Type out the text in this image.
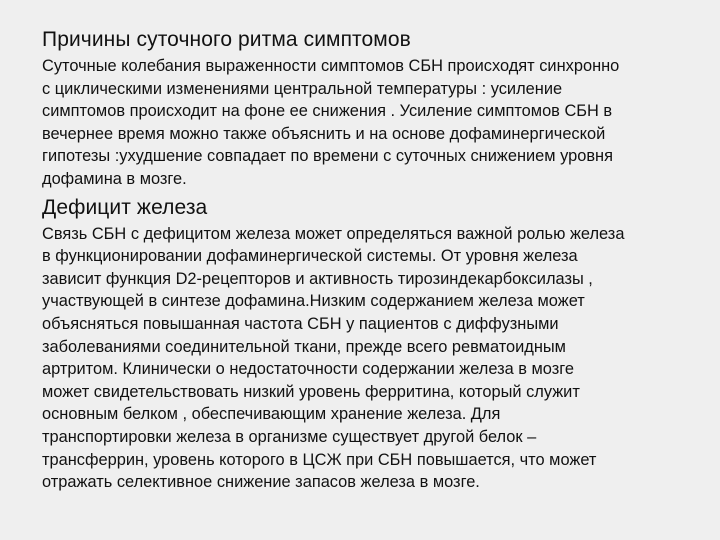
Причины суточного ритма симптомов

Суточные колебания выраженности симптомов СБН происходят синхронно
с циклическими изменениями центральной температуры : усиление
симптомов происходит на фоне ее снижения . Усиление симптомов СБН в
вечернее время можно также объяснить и на основе дофаминергической
гипотезы :ухудшение совпадает по времени с суточных снижением уровня
дофамина в мозге.

Дефицит железа

Связь СБН с дефицитом железа может определяться важной ролью железа
в функционировании дофаминергической системы. От уровня железа
зависит функция D2-рецепторов и активность тирозиндекарбоксилазы ,
участвующей в синтезе дофамина.Низким содержанием железа может
объясняться повышанная частота СБН у пациентов с диффузными
заболеваниями соединительной ткани, прежде всего ревматоидным
артритом. Клинически о недостаточности содержании железа в мозге
может свидетельствовать низкий уровень ферритина, который служит
основным белком , обеспечивающим хранение железа. Для
транспортировки железа в организме существует другой белок –
трансферрин, уровень которого в ЦСЖ при СБН повышается, что может
отражать селективное снижение запасов железа в мозге.
